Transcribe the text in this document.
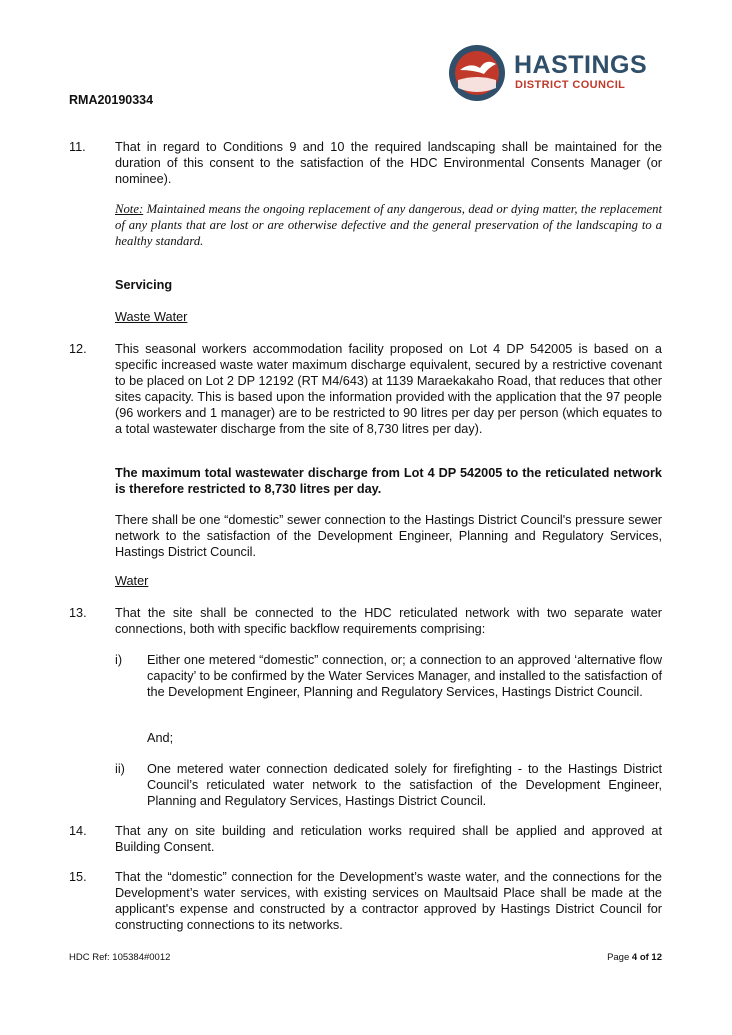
RMA20190334
HASTINGS
DISTRICT COUNCIL
11. That in regard to Conditions 9 and 10 the required landscaping shall be maintained for the duration of this consent to the satisfaction of the HDC Environmental Consents Manager (or nominee).
Note: Maintained means the ongoing replacement of any dangerous, dead or dying matter, the replacement of any plants that are lost or are otherwise defective and the general preservation of the landscaping to a healthy standard.
Servicing
Waste Water
12. This seasonal workers accommodation facility proposed on Lot 4 DP 542005 is based on a specific increased waste water maximum discharge equivalent, secured by a restrictive covenant to be placed on Lot 2 DP 12192 (RT M4/643) at 1139 Maraekakaho Road, that reduces that other sites capacity. This is based upon the information provided with the application that the 97 people (96 workers and 1 manager) are to be restricted to 90 litres per day per person (which equates to a total wastewater discharge from the site of 8,730 litres per day).
The maximum total wastewater discharge from Lot 4 DP 542005 to the reticulated network is therefore restricted to 8,730 litres per day.
There shall be one “domestic” sewer connection to the Hastings District Council's pressure sewer network to the satisfaction of the Development Engineer, Planning and Regulatory Services, Hastings District Council.
Water
13. That the site shall be connected to the HDC reticulated network with two separate water connections, both with specific backflow requirements comprising:
i) Either one metered “domestic” connection, or; a connection to an approved ‘alternative flow capacity’ to be confirmed by the Water Services Manager, and installed to the satisfaction of the Development Engineer, Planning and Regulatory Services, Hastings District Council.
And;
ii) One metered water connection dedicated solely for firefighting - to the Hastings District Council’s reticulated water network to the satisfaction of the Development Engineer, Planning and Regulatory Services, Hastings District Council.
14. That any on site building and reticulation works required shall be applied and approved at Building Consent.
15. That the “domestic” connection for the Development’s waste water, and the connections for the Development’s water services, with existing services on Maultsaid Place shall be made at the applicant's expense and constructed by a contractor approved by Hastings District Council for constructing connections to its networks.
HDC Ref: 105384#0012	Page 4 of 12
